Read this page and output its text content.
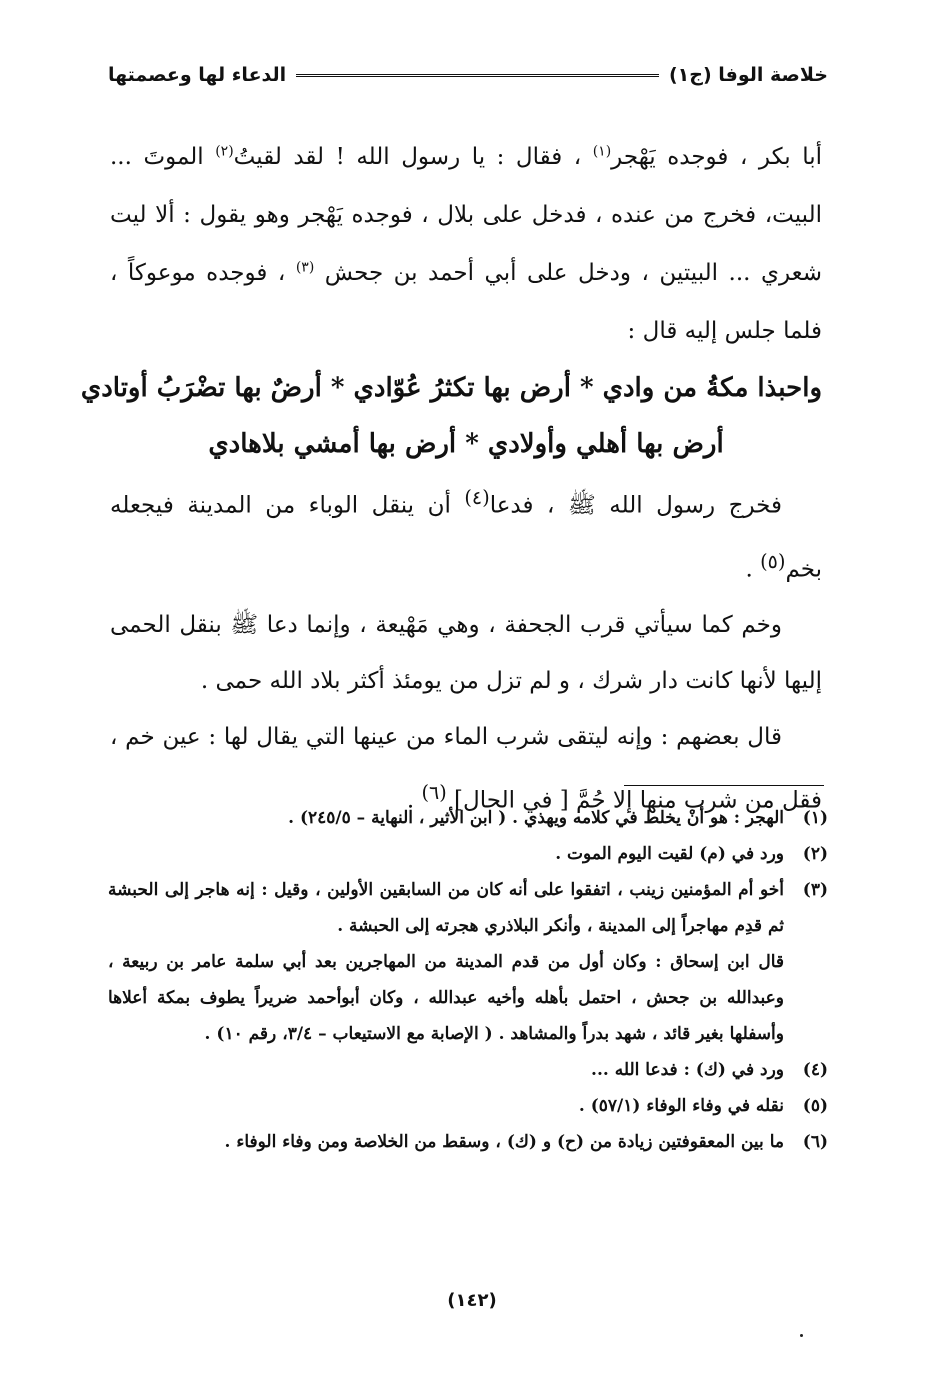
خلاصة الوفا (ج١)
الدعاء لها وعصمتها

أبا بكر ، فوجده يَهْجر$^{(١)}$ ، فقال : يا رسول الله ! لقد لقيتُ$^{(٢)}$ الموتَ ... البيت، فخرج من عنده ، فدخل على بلال ، فوجده يَهْجر وهو يقول : ألا ليت شعري ... البيتين ، ودخل على أبي أحمد بن جحش $^{(٣)}$ ، فوجده موعوكاً ، فلما جلس إليه قال :

واحبذا مكةُ من وادي * أرض بها تكثرُ عُوّادي * أرضٌ بها تضْرَبُ أوتادي
أرض بها أهلي وأولادي * أرض بها أمشي بلاهادي

فخرج رسول الله ﷺ ، فدعا$^{(٤)}$ أن ينقل الوباء من المدينة فيجعله بخم$^{(٥)}$ .

وخم كما سيأتي قرب الجحفة ، وهي مَهْيعة ، وإنما دعا ﷺ بنقل الحمى إليها لأنها كانت دار شرك ، و لم تزل من يومئذ أكثر بلاد الله حمى .

قال بعضهم : وإنه ليتقى شرب الماء من عينها التي يقال لها : عين خم ، فقل من شرب منها إلا حُمَّ [ في الحال] $^{(٦)}$ .

(١)
الهجر : هو أنْ يخلط في كلامه ويهذي . ( ابن الأثير ، النهاية – ٢٤٥/٥) .

(٢)
ورد في (م) لقيت اليوم الموت .

(٣)
أخو أم المؤمنين زينب ، اتفقوا على أنه كان من السابقين الأولين ، وقيل : إنه هاجر إلى الحبشة ثم قدِم مهاجراً إلى المدينة ، وأنكر البلاذري هجرته إلى الحبشة .

قال ابن إسحاق : وكان أول من قدم المدينة من المهاجرين بعد أبي سلمة عامر بن ربيعة ، وعبدالله بن جحش ، احتمل بأهله وأخيه عبدالله ، وكان أبوأحمد ضريراً يطوف بمكة أعلاها وأسفلها بغير قائد ، شهد بدراً والمشاهد . ( الإصابة مع الاستيعاب – ٣/٤، رقم ١٠) .

(٤)
ورد في (ك) : فدعا الله ...

(٥)
نقله في وفاء الوفاء (٥٧/١) .

(٦)
ما بين المعقوفتين زيادة من (ح) و (ك) ، وسقط من الخلاصة ومن وفاء الوفاء .

(١٤٢)
